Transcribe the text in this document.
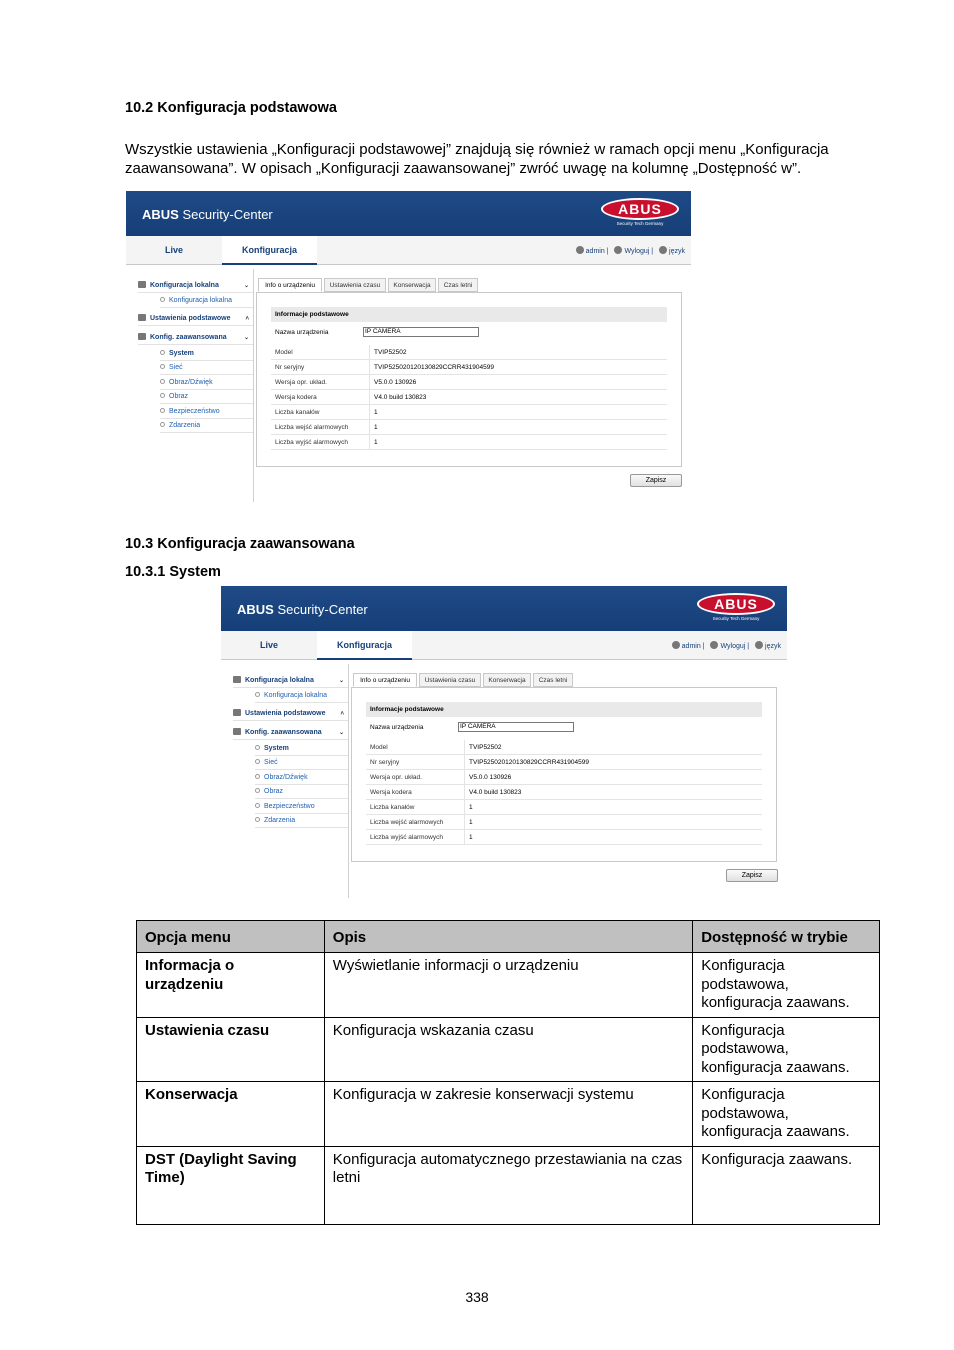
10.2 Konfiguracja podstawowa
Wszystkie ustawienia „Konfiguracji podstawowej” znajdują się również w ramach opcji menu „Konfiguracja
zaawansowana”. W opisach „Konfiguracji zaawansowanej” zwróć uwagę na kolumnę „Dostępność w”.
ABUS Security-Center	ABUS
Security Tech Germany
Live	Konfiguracja	admin | Wyloguj | język
Konfiguracja lokalna	⌄
Konfiguracja lokalna
Ustawienia podstawowe ˄
Konfig. zaawansowana	⌄
System
Sieć
Obraz/Dźwięk
Obraz
Bezpieczeństwo
Zdarzenia
Info o urządzeniu	Ustawienia czasu	Konserwacja	Czas letni
Informacje podstawowe
Nazwa urządzenia	IP CAMERA
Model	TVIP52502
Nr seryjny	TVIP525020120130829CCRR431904599
Wersja opr. układ.	V5.0.0 130926
Wersja kodera	V4.0 build 130823
Liczba kanałów	1
Liczba wejść alarmowych	1
Liczba wyjść alarmowych	1
Zapisz
10.3 Konfiguracja zaawansowana
10.3.1 System
ABUS Security-Center	ABUS
Security Tech Germany
Live	Konfiguracja	admin | Wyloguj | język
Konfiguracja lokalna	⌄
Konfiguracja lokalna
Ustawienia podstawowe ˄
Konfig. zaawansowana	⌄
System
Sieć
Obraz/Dźwięk
Obraz
Bezpieczeństwo
Zdarzenia
Info o urządzeniu	Ustawienia czasu	Konserwacja	Czas letni
Informacje podstawowe
Nazwa urządzenia	IP CAMERA
Model	TVIP52502
Nr seryjny	TVIP525020120130829CCRR431904599
Wersja opr. układ.	V5.0.0 130926
Wersja kodera	V4.0 build 130823
Liczba kanałów	1
Liczba wejść alarmowych	1
Liczba wyjść alarmowych	1
Zapisz
Opcja menu	Opis	Dostępność w trybie
Informacja o urządzeniu	Wyświetlanie informacji o urządzeniu	Konfiguracja podstawowa, konfiguracja zaawans.
Ustawienia czasu	Konfiguracja wskazania czasu	Konfiguracja podstawowa, konfiguracja zaawans.
Konserwacja	Konfiguracja w zakresie konserwacji systemu	Konfiguracja podstawowa, konfiguracja zaawans.
DST (Daylight Saving Time)	Konfiguracja automatycznego przestawiania na czas letni	Konfiguracja zaawans.
338
